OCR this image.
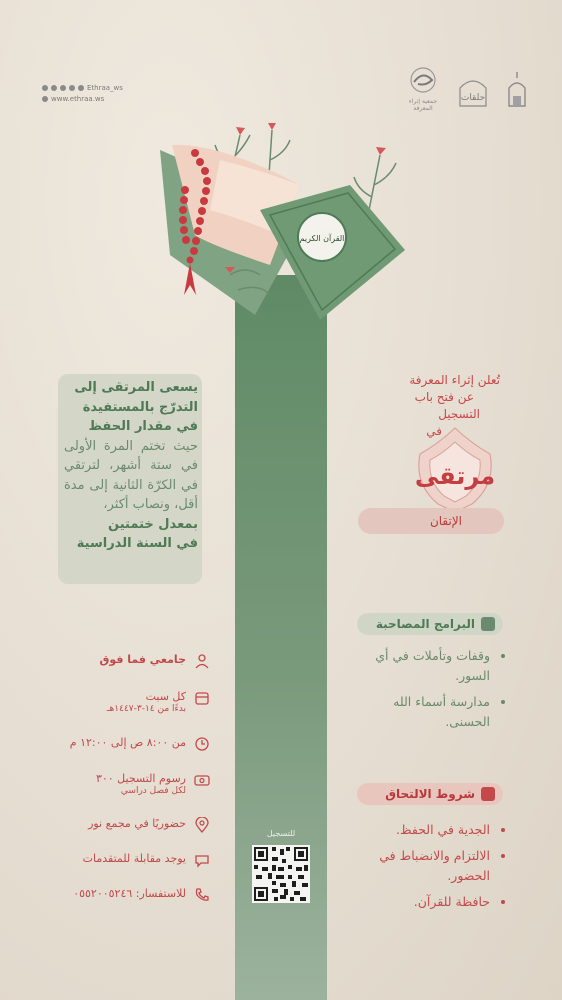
Ethraa_ws
www.ethraa.ws	جمعية إثراء المعرفة
حلقات
القرآن الكريم
يسعى المرتقى إلى
التدرّج بالمستفيدة
في مقدار الحفظ
حيث تختم المرة الأولى في ستة أشهر، لترتقي في الكرّة الثانية إلى مدة أقل، ونصاب أكثر،
بمعدل ختمتين
في السنة الدراسية
تُعلن إثراء المعرفة
عن فتح باب
التسجيل
في
مرتقى
الإتقان
البرامج المصاحبة
• وقفات وتأملات في أي السور.
• مدارسة أسماء الله الحسنى.
شروط الالتحاق
• الجدية في الحفظ.
• الالتزام والانضباط في الحضور.
• حافظة للقرآن.
جامعي فما فوق
كل سبت
بدءًا من ١٤-٣-١٤٤٧هـ
من ٨:٠٠ ص إلى ١٢:٠٠ م
رسوم التسجيل ٣٠٠
لكل فصل دراسي
حضوريًا في مجمع نور
يوجد مقابلة للمتقدمات
للاستفسار: ٠٥٥٢٠٠٥٢٤٦
للتسجيل
